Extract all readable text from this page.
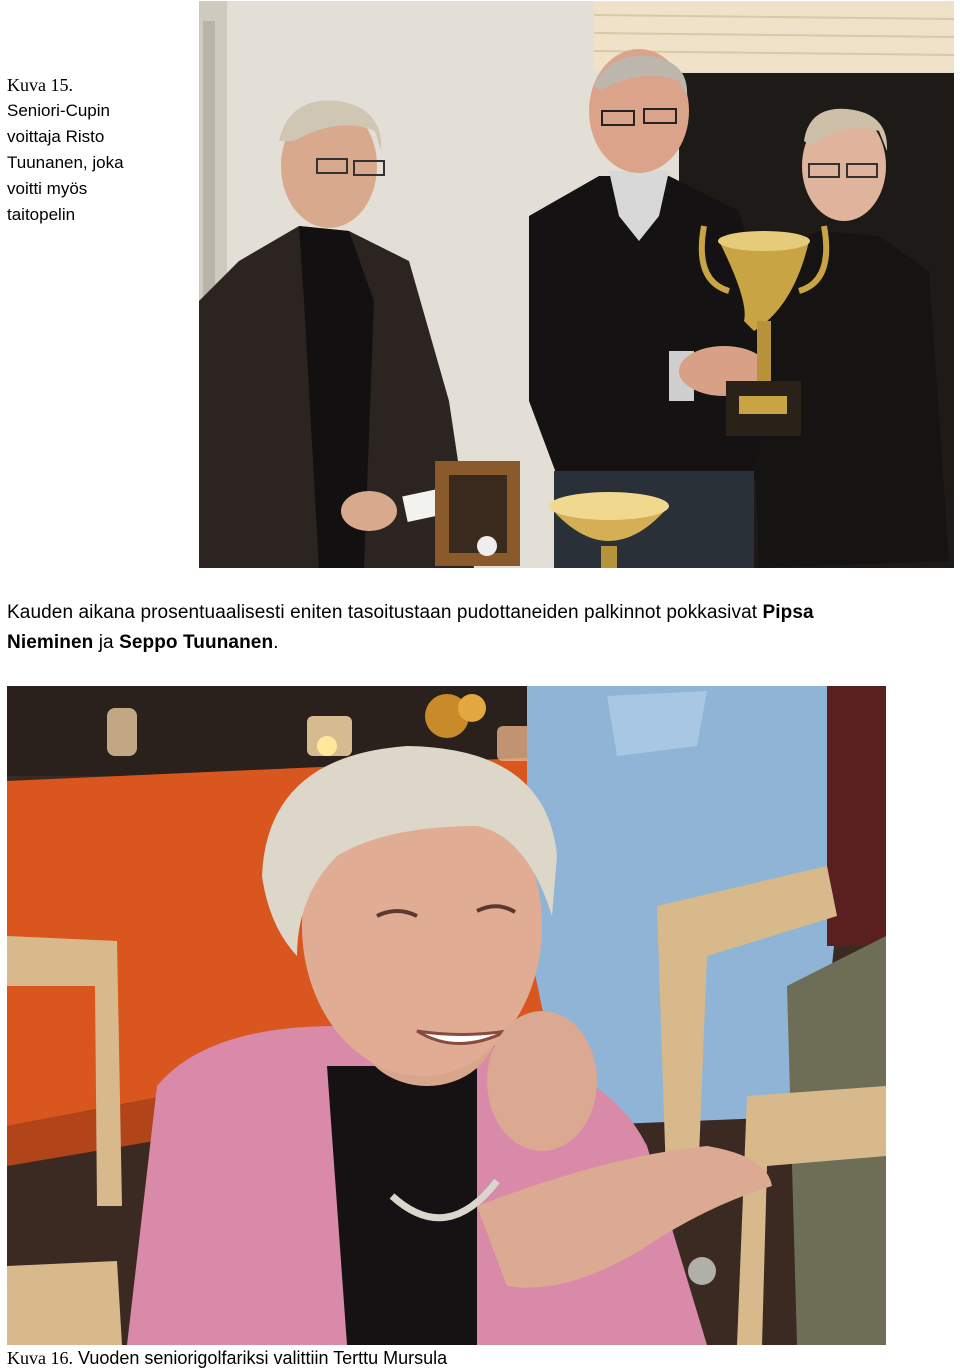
Kuva 15.
Seniori-Cupin
voittaja Risto
Tuunanen, joka
voitti myös
taitopelin
Kauden aikana prosentuaalisesti eniten tasoitustaan pudottaneiden palkinnot pokkasivat Pipsa
Nieminen ja Seppo Tuunanen.
Kuva 16. Vuoden seniorigolfariksi valittiin Terttu Mursula
